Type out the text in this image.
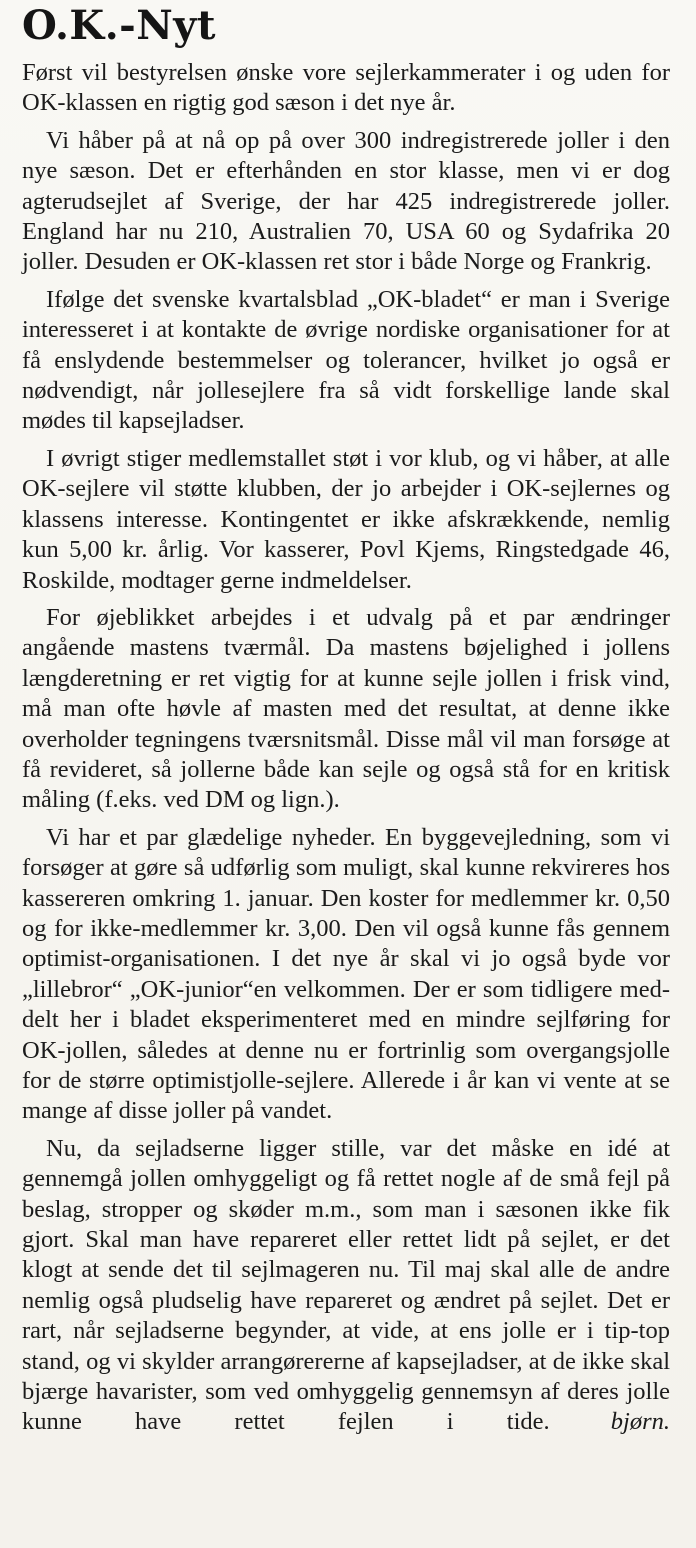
O.K.-Nyt

Først vil bestyrelsen ønske vore sejlerkammerater i og uden for OK-klassen en rigtig god sæson i det nye år.

Vi håber på at nå op på over 300 indregistrerede joller i den nye sæson. Det er efterhånden en stor klasse, men vi er dog agterudsejlet af Sverige, der har 425 indregistrerede joller. England har nu 210, Australien 70, USA 60 og Sydafrika 20 joller. Desuden er OK-klassen ret stor i både Norge og Frankrig.

Ifølge det svenske kvartalsblad „OK-bladet“ er man i Sverige interesseret i at kontakte de øvrige nordiske organisationer for at få enslydende bestemmelser og tolerancer, hvilket jo også er nødvendigt, når jollesejlere fra så vidt forskellige lande skal mødes til kapsejladser.

I øvrigt stiger medlemstallet støt i vor klub, og vi håber, at alle OK-sejlere vil støtte klubben, der jo arbejder i OK-sejlernes og klassens interesse. Kontingentet er ikke afskrækkende, nemlig kun 5,00 kr. årlig. Vor kasserer, Povl Kjems, Ringstedgade 46, Roskilde, modtager gerne indmeldelser.

For øjeblikket arbejdes i et udvalg på et par ændringer angående mastens tværmål. Da mastens bøjelighed i jollens længderetning er ret vigtig for at kunne sejle jollen i frisk vind, må man ofte høvle af masten med det resultat, at denne ikke overholder tegningens tværsnitsmål. Disse mål vil man forsøge at få revideret, så jollerne både kan sejle og også stå for en kritisk måling (f.eks. ved DM og lign.).

Vi har et par glædelige nyheder. En byggevejledning, som vi forsøger at gøre så udførlig som muligt, skal kunne rekvireres hos kassereren omkring 1. januar. Den koster for medlemmer kr. 0,50 og for ikke-medlemmer kr. 3,00. Den vil også kunne fås gennem optimist-organisationen. I det nye år skal vi jo også byde vor „lillebror“ „OK-junior“en velkommen. Der er som tidligere meddelt her i bladet eksperimenteret med en mindre sejlføring for OK-jollen, således at denne nu er fortrinlig som overgangsjolle for de større optimistjolle-sejlere. Allerede i år kan vi vente at se mange af disse joller på vandet.

Nu, da sejladserne ligger stille, var det måske en idé at gennemgå jollen omhyggeligt og få rettet nogle af de små fejl på beslag, stropper og skøder m.m., som man i sæsonen ikke fik gjort. Skal man have repareret eller rettet lidt på sejlet, er det klogt at sende det til sejlmageren nu. Til maj skal alle de andre nemlig også pludselig have repareret og ændret på sejlet. Det er rart, når sejladserne begynder, at vide, at ens jolle er i tip-top stand, og vi skylder arrangørererne af kapsejladser, at de ikke skal bjærge havarister, som ved omhyggelig gennemsyn af deres jolle kunne have rettet fejlen i tide. bjørn.
